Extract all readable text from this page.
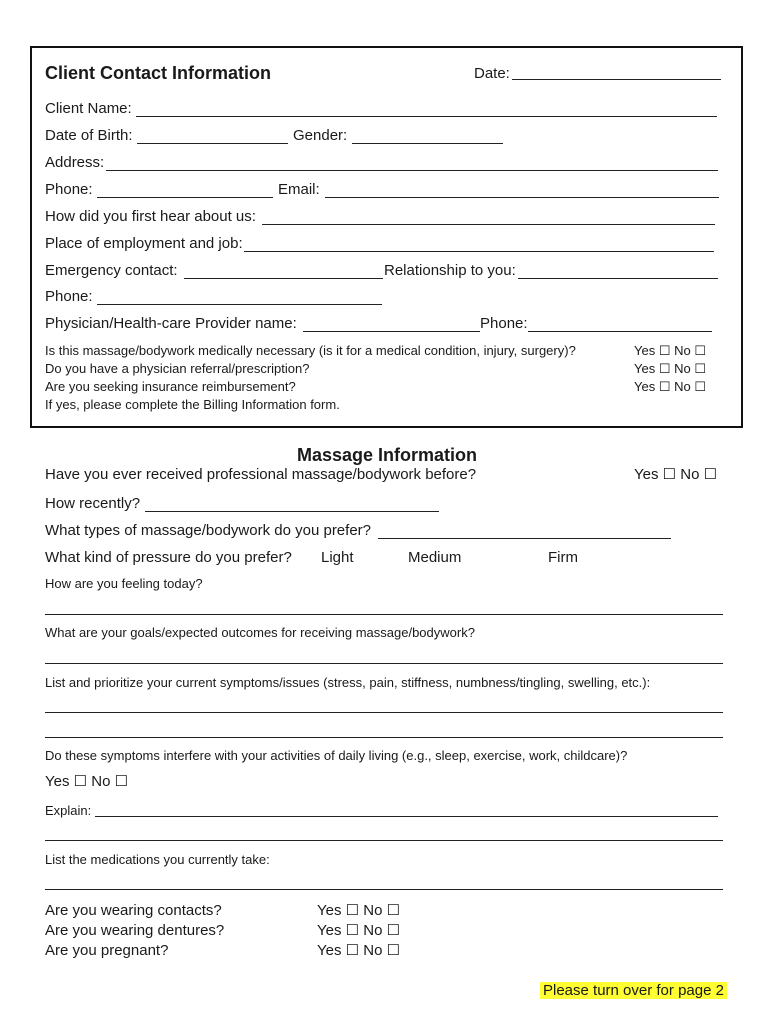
Client Contact Information	Date:
Client Name:
Date of Birth:	Gender:
Address:
Phone:	Email:
How did you first hear about us:
Place of employment and job:
Emergency contact:	Relationship to you:
Phone:
Physician/Health-care Provider name:	Phone:
Is this massage/bodywork medically necessary (is it for a medical condition, injury, surgery)?	Yes ☐ No ☐
Do you have a physician referral/prescription?	Yes ☐ No ☐
Are you seeking insurance reimbursement?	Yes ☐ No ☐
If yes, please complete the Billing Information form.
Massage Information
Have you ever received professional massage/bodywork before?	Yes ☐ No ☐
How recently?
What types of massage/bodywork do you prefer?
What kind of pressure do you prefer? Light	Medium	Firm
How are you feeling today?
What are your goals/expected outcomes for receiving massage/bodywork?
List and prioritize your current symptoms/issues (stress, pain, stiffness, numbness/tingling, swelling, etc.):
Do these symptoms interfere with your activities of daily living (e.g., sleep, exercise, work, childcare)?
Yes ☐ No ☐
Explain:
List the medications you currently take:
Are you wearing contacts?	Yes ☐ No ☐
Are you wearing dentures?	Yes ☐ No ☐
Are you pregnant?	Yes ☐ No ☐
Please turn over for page 2
